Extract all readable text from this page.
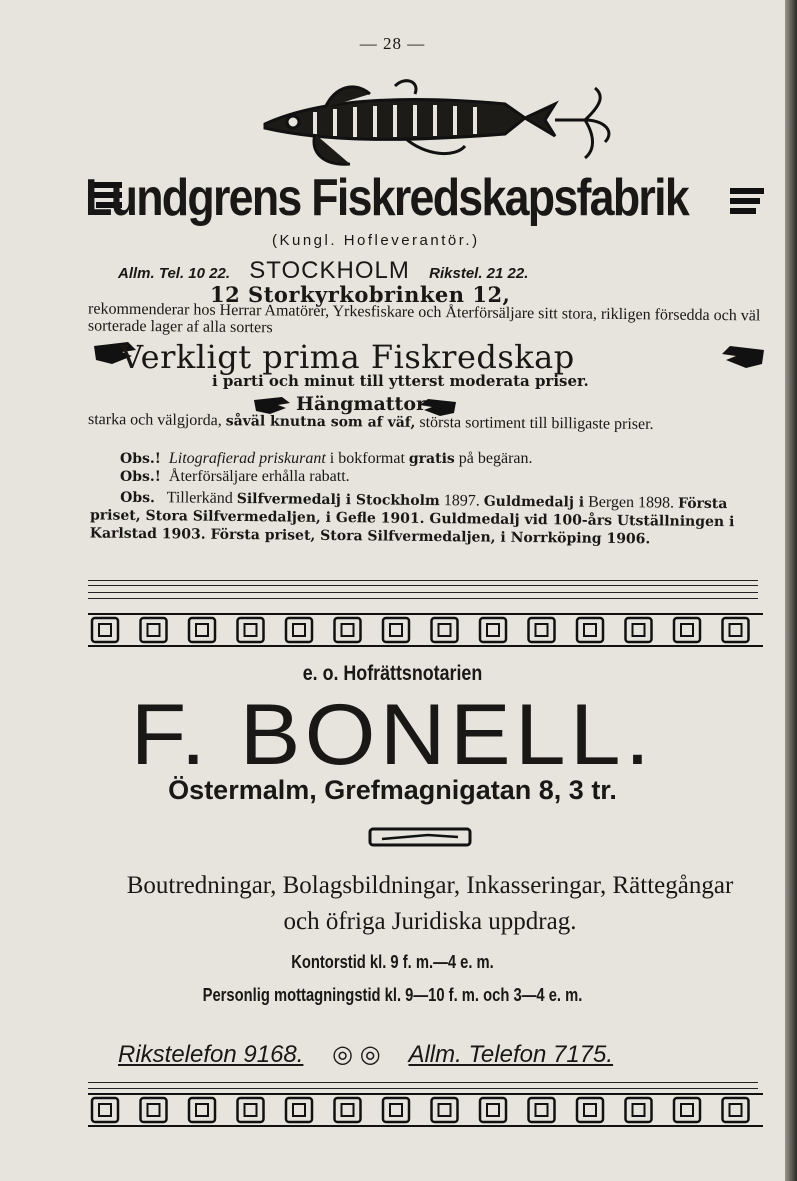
— 28 —

Lundgrens Fiskredskapsfabrik
(Kungl. Hofleverantör.)
Allm. Tel. 10 22. STOCKHOLM Rikstel. 21 22.
12 Storkyrkobrinken 12,
rekommenderar hos Herrar Amatörer, Yrkesfiskare och Återförsäljare sitt stora, rikligen försedda och väl sorterade lager af alla sorters
Verkligt prima Fiskredskap
i parti och minut till ytterst moderata priser.
Hängmattor
starka och välgjorda, såväl knutna som af väf, största sortiment till billigaste priser.
Obs.! Litografierad priskurant i bokformat gratis på begäran.
Obs.! Återförsäljare erhålla rabatt.
Obs. Tillerkänd Silfvermedalj i Stockholm 1897. Guldmedalj i Bergen 1898. Första priset, Stora Silfvermedaljen, i Gefle 1901. Guldmedalj vid 100-års Utställningen i Karlstad 1903. Första priset, Stora Silfvermedaljen, i Norrköping 1906.
e. o. Hofrättsnotarien
F. BONELL.
Östermalm, Grefmagnigatan 8, 3 tr.
Boutredningar, Bolagsbildningar, Inkasseringar, Rättegångar
och öfriga Juridiska uppdrag.
Kontorstid kl. 9 f. m.—4 e. m.
Personlig mottagningstid kl. 9—10 f. m. och 3—4 e. m.
Rikstelefon 9168. ◎ ◎ Allm. Telefon 7175.
